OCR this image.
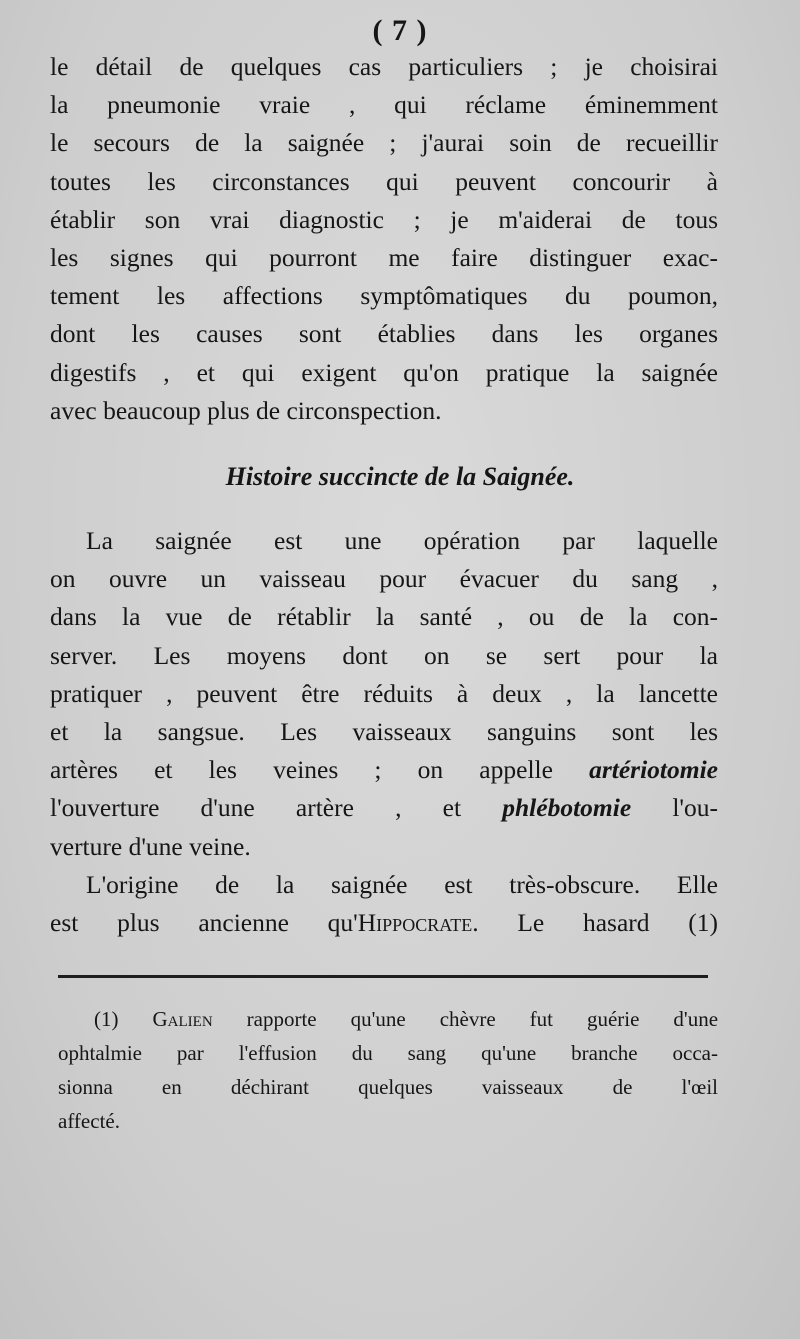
( 7 )
le détail de quelques cas particuliers ; je choisirai
la pneumonie vraie , qui réclame éminemment
le secours de la saignée ; j'aurai soin de recueillir
toutes les circonstances qui peuvent concourir à
établir son vrai diagnostic ; je m'aiderai de tous
les signes qui pourront me faire distinguer exac-
tement les affections symptômatiques du poumon,
dont les causes sont établies dans les organes
digestifs , et qui exigent qu'on pratique la saignée
avec beaucoup plus de circonspection.
Histoire succincte de la Saignée.
La saignée est une opération par laquelle
on ouvre un vaisseau pour évacuer du sang ,
dans la vue de rétablir la santé , ou de la con-
server. Les moyens dont on se sert pour la
pratiquer , peuvent être réduits à deux , la lancette
et la sangsue. Les vaisseaux sanguins sont les
artères et les veines ; on appelle artériotomie
l'ouverture d'une artère , et phlébotomie l'ou-
verture d'une veine.
L'origine de la saignée est très-obscure. Elle
est plus ancienne qu'Hippocrate. Le hasard (1)
(1) Galien rapporte qu'une chèvre fut guérie d'une
ophtalmie par l'effusion du sang qu'une branche occa-
sionna en déchirant quelques vaisseaux de l'œil
affecté.
